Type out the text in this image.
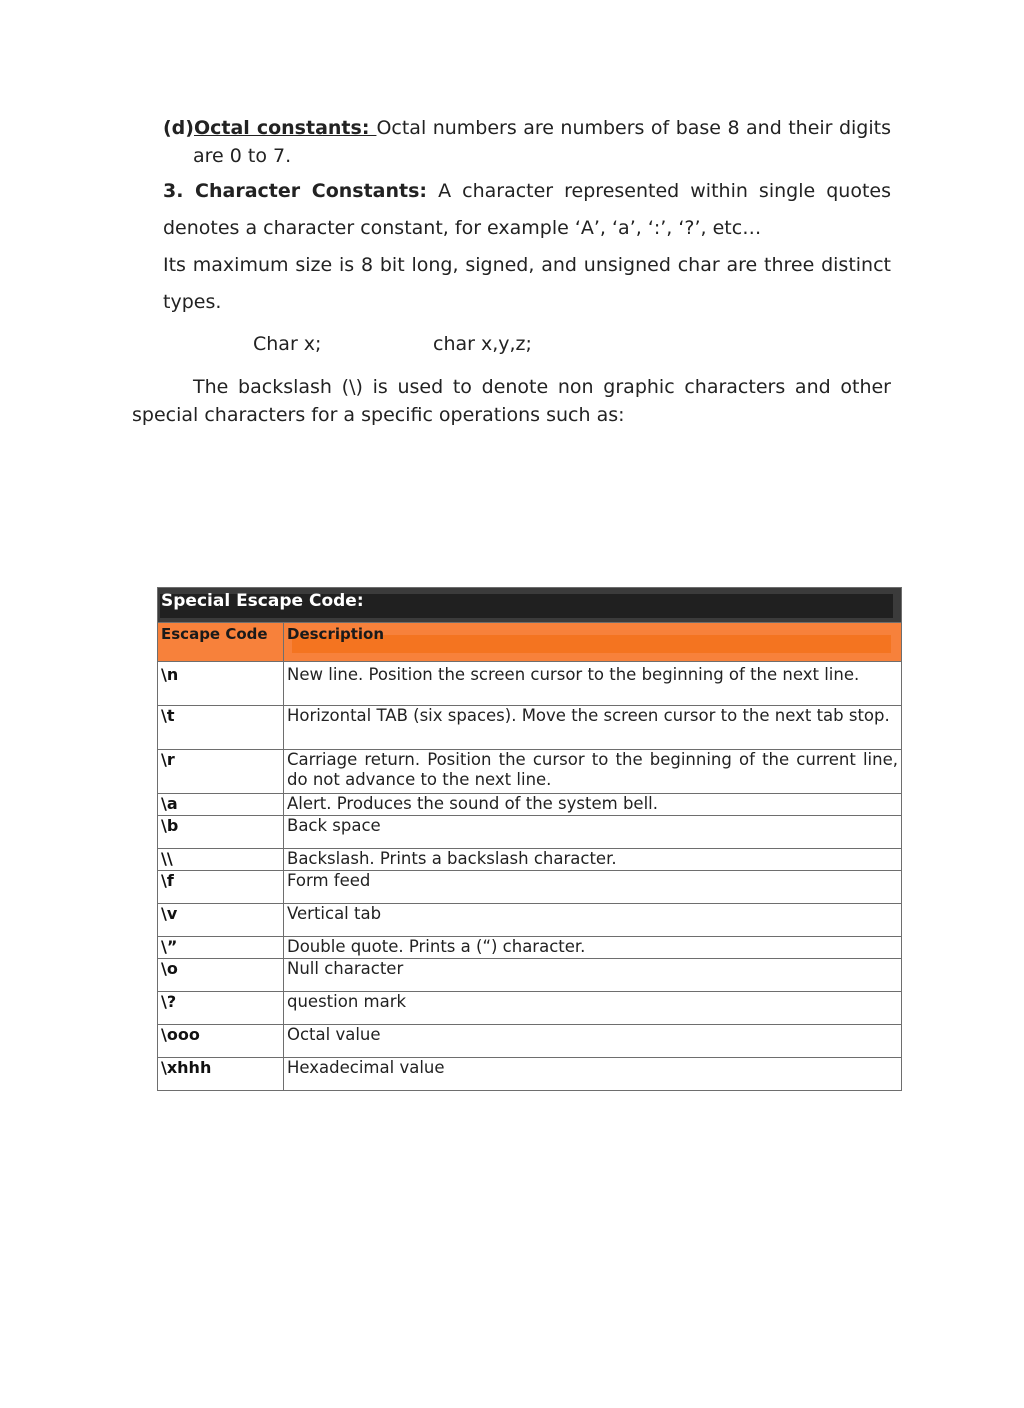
(d)Octal constants: Octal numbers are numbers of base 8 and their digits

are 0 to 7.

3. Character Constants: A character represented within single quotes

denotes a character constant, for example ‘A’, ‘a’, ‘:’, ‘?’, etc…

Its maximum size is 8 bit long, signed, and unsigned char are three distinct

types.

Char x;	char x,y,z;

The backslash (\) is used to denote non graphic characters and other

special characters for a specific operations such as:

Special Escape Code:	

Escape Code	Description
\n	New line. Position the screen cursor to the beginning of the next line.
\t	Horizontal TAB (six spaces). Move the screen cursor to the next tab stop.
\r	Carriage return. Position the cursor to the beginning of the current line, do not advance to the next line.
\a	Alert. Produces the sound of the system bell.
\b	Back space
\\	Backslash. Prints a backslash character.
\f	Form feed
\v	Vertical tab
\”	Double quote. Prints a (“) character.
\o	Null character
\?	question mark
\ooo	Octal value
\xhhh	Hexadecimal value
